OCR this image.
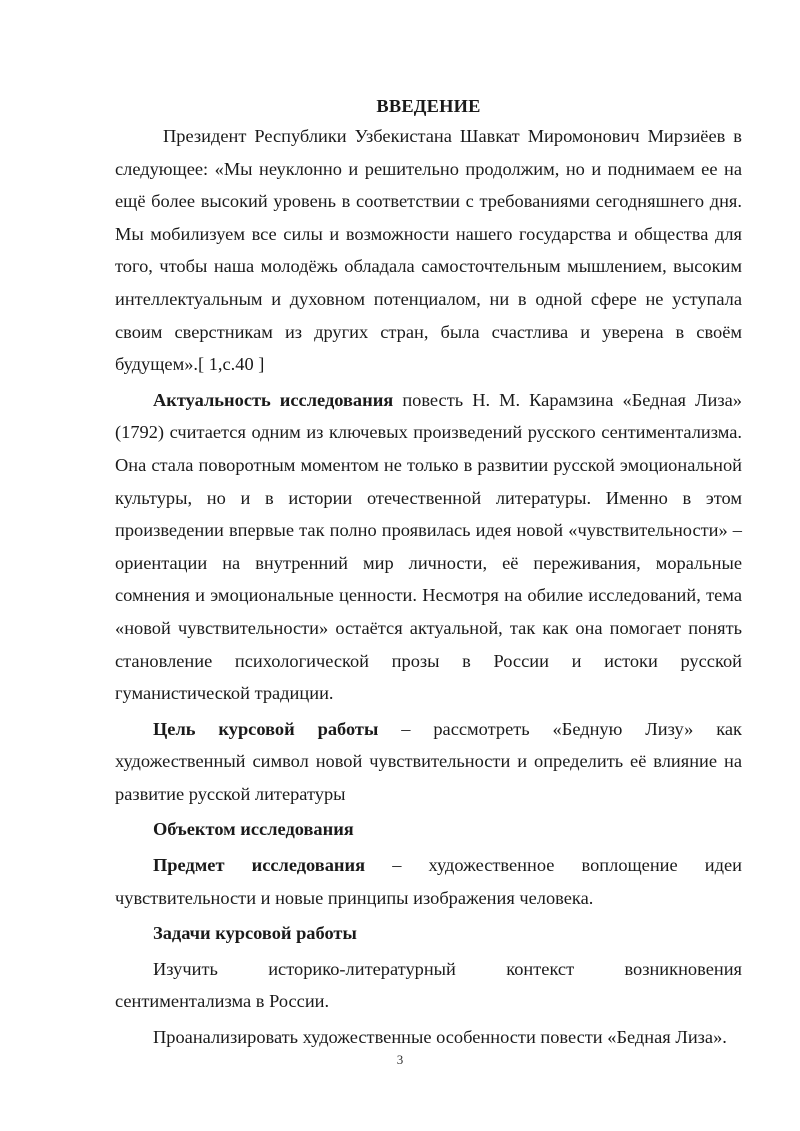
ВВЕДЕНИЕ

Президент Республики Узбекистана Шавкат Миромонович Мирзиёев в следующее: «Мы неуклонно и решительно продолжим, но и поднимаем ее на ещё более высокий уровень в соответствии с требованиями сегодняшнего дня. Мы мобилизуем все силы и возможности нашего государства и общества для того, чтобы наша молодёжь обладала самосточтельным мышлением, высоким интеллектуальным и духовном потенциалом, ни в одной сфере не уступала своим сверстникам из других стран, была счастлива и уверена в своём будущем».[ 1,с.40 ]

Актуальность исследования повесть Н. М. Карамзина «Бедная Лиза» (1792) считается одним из ключевых произведений русского сентиментализма. Она стала поворотным моментом не только в развитии русской эмоциональной культуры, но и в истории отечественной литературы. Именно в этом произведении впервые так полно проявилась идея новой «чувствительности» – ориентации на внутренний мир личности, её переживания, моральные сомнения и эмоциональные ценности. Несмотря на обилие исследований, тема «новой чувствительности» остаётся актуальной, так как она помогает понять становление психологической прозы в России и истоки русской гуманистической традиции.

Цель курсовой работы – рассмотреть «Бедную Лизу» как художественный символ новой чувствительности и определить её влияние на развитие русской литературы

Объектом исследования

Предмет исследования – художественное воплощение идеи чувствительности и новые принципы изображения человека.

Задачи курсовой работы

Изучить историко-литературный контекст возникновения сентиментализма в России.

Проанализировать художественные особенности повести «Бедная Лиза».

3
